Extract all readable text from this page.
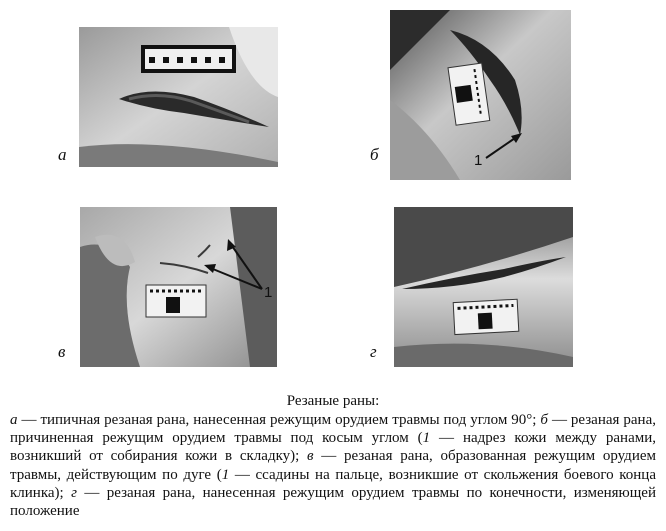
а	1
б
1
в	г
Резаные раны:
а — типичная резаная рана, нанесенная режущим орудием травмы под углом 90°; б — резаная рана, причиненная режущим орудием травмы под косым углом (1 — надрез кожи между ранами, возникший от собирания кожи в складку); в — резаная рана, образованная режущим орудием травмы, действующим по дуге (1 — ссадины на пальце, возникшие от скольжения боевого конца клинка); г — резаная рана, нанесенная режущим орудием травмы по конечности, изменяющей положение
